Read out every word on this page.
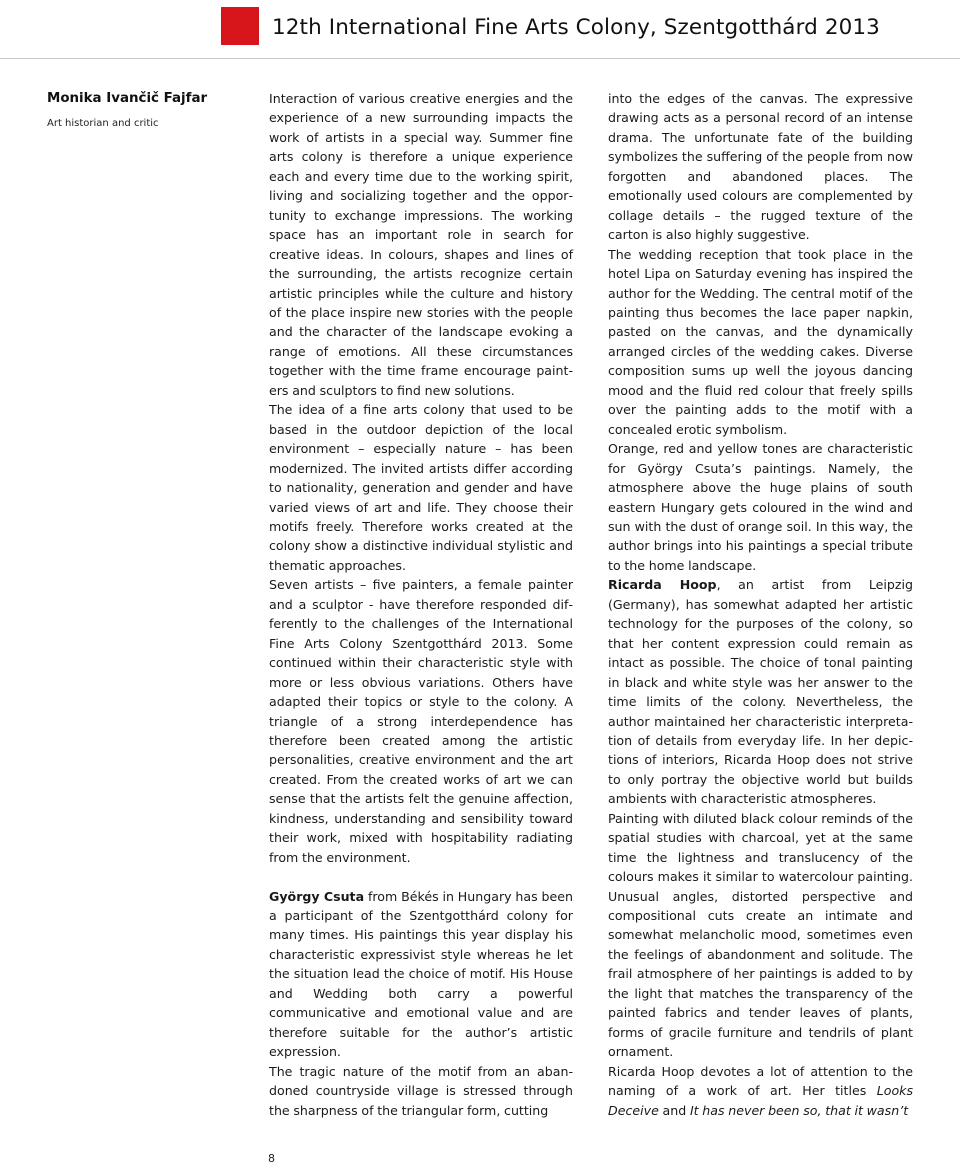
12th International Fine Arts Colony, Szentgotthárd 2013
Monika Ivančič Fajfar
Art historian and critic

Interaction of various creative energies and the experience of a new surrounding impacts the work of artists in a special way. Summer fine arts colony is therefore a unique experience each and every time due to the working spirit, living and socializing together and the opportunity to exchange impressions. The working space has an important role in search for creative ideas. In colours, shapes and lines of the surrounding, the artists recognize certain artistic principles while the culture and history of the place inspire new stories with the people and the character of the landscape evoking a range of emotions. All these circumstances together with the time frame encourage painters and sculptors to find new solutions.

The idea of a fine arts colony that used to be based in the outdoor depiction of the local environment – especially nature – has been modernized. The invited artists differ according to nationality, generation and gender and have varied views of art and life. They choose their motifs freely. Therefore works created at the colony show a distinctive individual stylistic and thematic approaches.

Seven artists – five painters, a female painter and a sculptor - have therefore responded differently to the challenges of the International Fine Arts Colony Szentgotthárd 2013. Some continued within their characteristic style with more or less obvious variations. Others have adapted their topics or style to the colony. A triangle of a strong interdependence has therefore been created among the artistic personalities, creative environment and the art created. From the created works of art we can sense that the artists felt the genuine affection, kindness, understanding and sensibility toward their work, mixed with hospitability radiating from the environment.

György Csuta from Békés in Hungary has been a participant of the Szentgotthárd colony for many times. His paintings this year display his characteristic expressivist style whereas he let the situation lead the choice of motif. His House and Wedding both carry a powerful communicative and emotional value and are therefore suitable for the author’s artistic expression.

The tragic nature of the motif from an abandoned countryside village is stressed through the sharpness of the triangular form, cutting

into the edges of the canvas. The expressive drawing acts as a personal record of an intense drama. The unfortunate fate of the building symbolizes the suffering of the people from now forgotten and abandoned places. The emotionally used colours are complemented by collage details – the rugged texture of the carton is also highly suggestive.

The wedding reception that took place in the hotel Lipa on Saturday evening has inspired the author for the Wedding. The central motif of the painting thus becomes the lace paper napkin, pasted on the canvas, and the dynamically arranged circles of the wedding cakes. Diverse composition sums up well the joyous dancing mood and the fluid red colour that freely spills over the painting adds to the motif with a concealed erotic symbolism.

Orange, red and yellow tones are characteristic for György Csuta’s paintings. Namely, the atmosphere above the huge plains of south eastern Hungary gets coloured in the wind and sun with the dust of orange soil. In this way, the author brings into his paintings a special tribute to the home landscape.

Ricarda Hoop, an artist from Leipzig (Germany), has somewhat adapted her artistic technology for the purposes of the colony, so that her content expression could remain as intact as possible. The choice of tonal painting in black and white style was her answer to the time limits of the colony. Nevertheless, the author maintained her characteristic interpretation of details from everyday life. In her depictions of interiors, Ricarda Hoop does not strive to only portray the objective world but builds ambients with characteristic atmospheres.

Painting with diluted black colour reminds of the spatial studies with charcoal, yet at the same time the lightness and translucency of the colours makes it similar to watercolour painting. Unusual angles, distorted perspective and compositional cuts create an intimate and somewhat melancholic mood, sometimes even the feelings of abandonment and solitude. The frail atmosphere of her paintings is added to by the light that matches the transparency of the painted fabrics and tender leaves of plants, forms of gracile furniture and tendrils of plant ornament.

Ricarda Hoop devotes a lot of attention to the naming of a work of art. Her titles Looks Deceive and It has never been so, that it wasn’t

8
